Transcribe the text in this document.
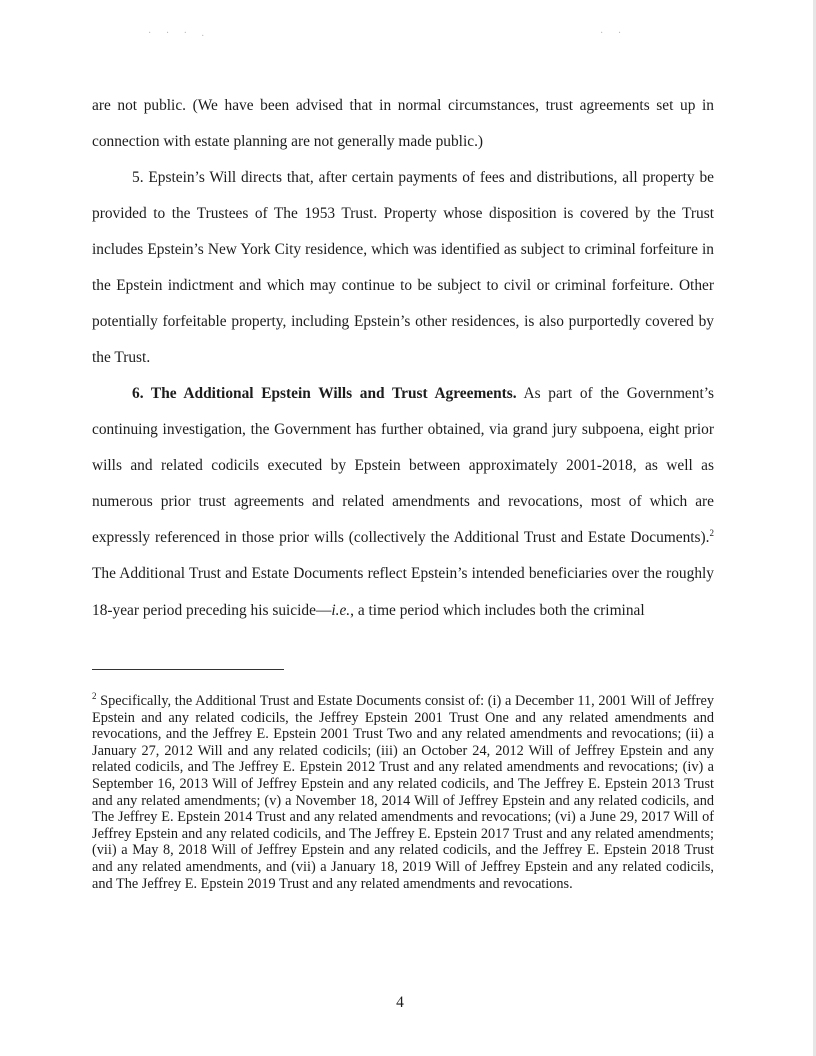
· · · .	· ·

are not public. (We have been advised that in normal circumstances, trust agreements set up in connection with estate planning are not generally made public.)

5. Epstein’s Will directs that, after certain payments of fees and distributions, all property be provided to the Trustees of The 1953 Trust. Property whose disposition is covered by the Trust includes Epstein’s New York City residence, which was identified as subject to criminal forfeiture in the Epstein indictment and which may continue to be subject to civil or criminal forfeiture. Other potentially forfeitable property, including Epstein’s other residences, is also purportedly covered by the Trust.

6. The Additional Epstein Wills and Trust Agreements. As part of the Government’s continuing investigation, the Government has further obtained, via grand jury subpoena, eight prior wills and related codicils executed by Epstein between approximately 2001-2018, as well as numerous prior trust agreements and related amendments and revocations, most of which are expressly referenced in those prior wills (collectively the Additional Trust and Estate Documents).$^2$ The Additional Trust and Estate Documents reflect Epstein’s intended beneficiaries over the roughly 18-year period preceding his suicide—i.e., a time period which includes both the criminal

$^2$ Specifically, the Additional Trust and Estate Documents consist of: (i) a December 11, 2001 Will of Jeffrey Epstein and any related codicils, the Jeffrey Epstein 2001 Trust One and any related amendments and revocations, and the Jeffrey E. Epstein 2001 Trust Two and any related amendments and revocations; (ii) a January 27, 2012 Will and any related codicils; (iii) an October 24, 2012 Will of Jeffrey Epstein and any related codicils, and The Jeffrey E. Epstein 2012 Trust and any related amendments and revocations; (iv) a September 16, 2013 Will of Jeffrey Epstein and any related codicils, and The Jeffrey E. Epstein 2013 Trust and any related amendments; (v) a November 18, 2014 Will of Jeffrey Epstein and any related codicils, and The Jeffrey E. Epstein 2014 Trust and any related amendments and revocations; (vi) a June 29, 2017 Will of Jeffrey Epstein and any related codicils, and The Jeffrey E. Epstein 2017 Trust and any related amendments; (vii) a May 8, 2018 Will of Jeffrey Epstein and any related codicils, and the Jeffrey E. Epstein 2018 Trust and any related amendments, and (vii) a January 18, 2019 Will of Jeffrey Epstein and any related codicils, and The Jeffrey E. Epstein 2019 Trust and any related amendments and revocations.
4
